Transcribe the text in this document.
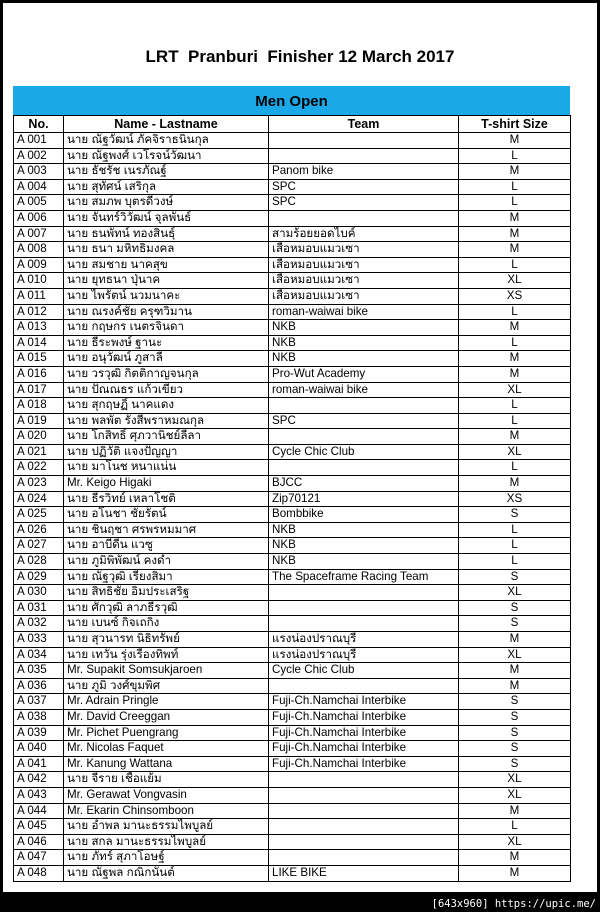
LRT  Pranburi  Finisher 12 March 2017
Men Open
No.	Name - Lastname	Team	T-shirt Size
A 001	นาย ณัฐวัฒน์ ภัคจิราธนินกุล		M
A 002	นาย ณัฐพงศ์ เวโรจน์วัฒนา		L
A 003	นาย ธัชรัช เนรภัณฐ์	Panom bike	M
A 004	นาย สุทัศน์ เสริกุล	SPC	L
A 005	นาย สมภพ บุตรดีวงษ์	SPC	L
A 006	นาย จันทร์วิวัฒน์ จุลพันธ์		M
A 007	นาย ธนพัทน์ ทองสินธุ์	สามร้อยยอดไบค์	M
A 008	นาย ธนา มหิทธิมงคล	เสือหมอบแมวเซา	M
A 009	นาย สมชาย นาคสุข	เสือหมอบแมวเซา	L
A 010	นาย ยุทธนา ปุ่นาค	เสือหมอบแมวเซา	XL
A 011	นาย ไพรัตน์ นวมนาคะ	เสือหมอบแมวเซา	XS
A 012	นาย ณรงค์ชัย ครุฑวิมาน	roman-waiwai bike	L
A 013	นาย กฤษกร เนตรจินดา	NKB	M
A 014	นาย ธีระพงษ์ ฐานะ	NKB	L
A 015	นาย อนุวัฒน์ ภูสาลี	NKB	M
A 016	นาย วรวุฒิ กิตติกาญจนกุล	Pro-Wut Academy	M
A 017	นาย ปัณณธร แก้วเขียว	roman-waiwai bike	XL
A 018	นาย สุกฤษฏิ์ นาคแดง		L
A 019	นาย พลพัต รังสีพราหมณกุล	SPC	L
A 020	นาย โกสิทธิ์ ศุภวานิชย์ลีลา		M
A 021	นาย ปฏิวัติ แจงปัญญา	Cycle Chic Club	XL
A 022	นาย มาโนช หนาแน่น		L
A 023	Mr. Keigo Higaki	BJCC	M
A 024	นาย ธีรวิทย์ เหลาโชติ	Zip70121	XS
A 025	นาย อโนชา ชัยรัตน์	Bombbike	S
A 026	นาย ชินฤชา ศรพรหมมาศ	NKB	L
A 027	นาย อาบีดีน แวซู	NKB	L
A 028	นาย ภูมิพิพัฒน์ คงดำ	NKB	L
A 029	นาย ณัฐวุฒิ เรียงสิมา	The Spaceframe Racing Team	S
A 030	นาย สิทธิชัย อิ่มประเสริฐ		XL
A 031	นาย ศักวุฒิ ลาภธีรวุฒิ		S
A 032	นาย เบนซ์ กิจเถกิง		S
A 033	นาย สุวนารท นิธิทรัพย์	แรงน่องปราณบุรี	M
A 034	นาย เทวัน รุ่งเรืองทิพท์	แรงน่องปราณบุรี	XL
A 035	Mr. Supakit Somsukjaroen	Cycle Chic Club	M
A 036	นาย ภูมิ วงศ์ขุมพิศ		M
A 037	Mr. Adrain Pringle	Fuji-Ch.Namchai Interbike	S
A 038	Mr. David Creeggan	Fuji-Ch.Namchai Interbike	S
A 039	Mr. Pichet Puengrang	Fuji-Ch.Namchai Interbike	S
A 040	Mr. Nicolas Faquet	Fuji-Ch.Namchai Interbike	S
A 041	Mr. Kanung Wattana	Fuji-Ch.Namchai Interbike	S
A 042	นาย จีราย เชื้อแย้ม		XL
A 043	Mr. Gerawat Vongvasin		XL
A 044	Mr. Ekarin Chinsomboon		M
A 045	นาย อำพล มานะธรรมไพบูลย์		L
A 046	นาย สกล มานะธรรมไพบูลย์		XL
A 047	นาย ภัทร์ สุภาโอษฐ์		M
A 048	นาย ณัฐพล กณิกนันต์	LIKE BIKE	M
[643x960] https://upic.me/
